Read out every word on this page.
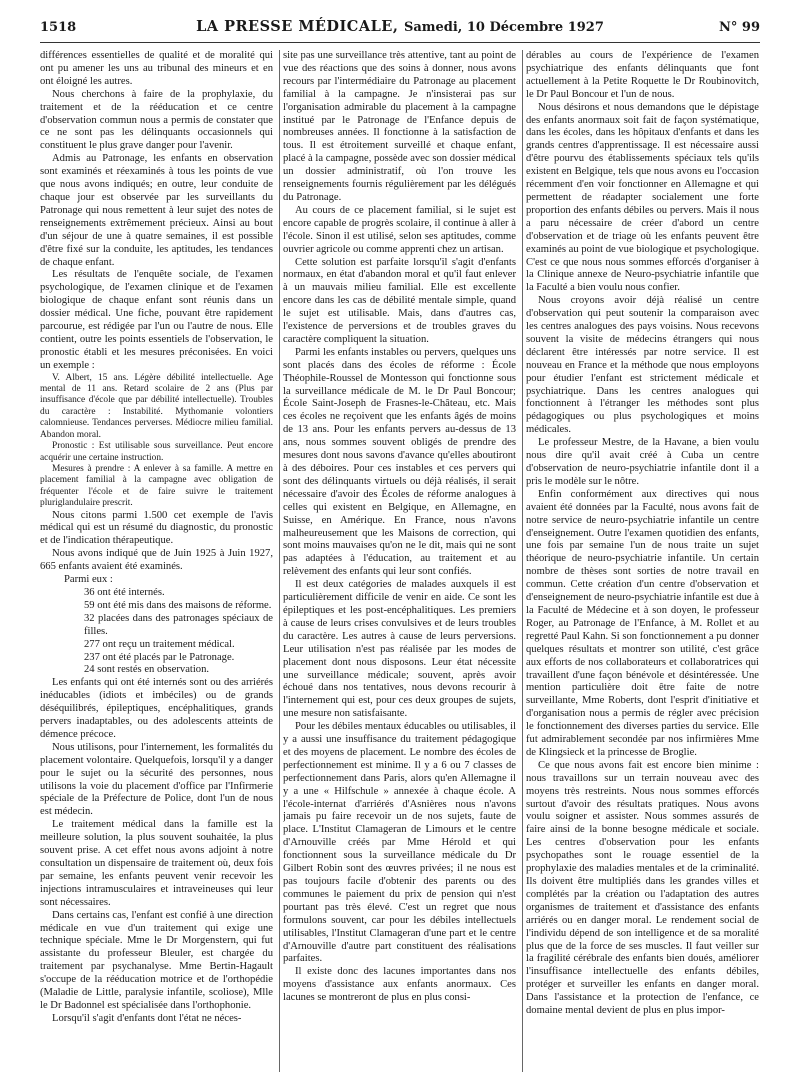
1518	LA PRESSE MÉDICALE, Samedi, 10 Décembre 1927	N° 99

différences essentielles de qualité et de moralité qui ont pu amener les uns au tribunal des mineurs et en ont éloigné les autres.

Nous cherchons à faire de la prophylaxie, du traitement et de la rééducation et ce centre d'observation commun nous a permis de constater que ce ne sont pas les délinquants occasionnels qui constituent le plus grave danger pour l'avenir.

Admis au Patronage, les enfants en observation sont examinés et réexaminés à tous les points de vue que nous avons indiqués; en outre, leur conduite de chaque jour est observée par les surveillants du Patronage qui nous remettent à leur sujet des notes de renseignements extrêmement précieux. Ainsi au bout d'un séjour de une à quatre semaines, il est possible d'être fixé sur la conduite, les aptitudes, les tendances de chaque enfant.

Les résultats de l'enquête sociale, de l'examen psychologique, de l'examen clinique et de l'examen biologique de chaque enfant sont réunis dans un dossier médical. Une fiche, pouvant être rapidement parcourue, est rédigée par l'un ou l'autre de nous. Elle contient, outre les points essentiels de l'observation, le pronostic établi et les mesures préconisées. En voici un exemple :

V. Albert, 15 ans. Légère débilité intellectuelle. Age mental de 11 ans. Retard scolaire de 2 ans (Plus par insuffisance d'école que par débilité intellectuelle). Troubles du caractère : Instabilité. Mythomanie volontiers calomnieuse. Tendances perverses. Médiocre milieu familial. Abandon moral.

Pronostic : Est utilisable sous surveillance. Peut encore acquérir une certaine instruction.

Mesures à prendre : A enlever à sa famille. A mettre en placement familial à la campagne avec obligation de fréquenter l'école et de faire suivre le traitement pluriglandulaire prescrit.

Nous citons parmi 1.500 cet exemple de l'avis médical qui est un résumé du diagnostic, du pronostic et de l'indication thérapeutique.

Nous avons indiqué que de Juin 1925 à Juin 1927, 665 enfants avaient été examinés.

Parmi eux :
36 ont été internés.
59 ont été mis dans des maisons de réforme.
32 placées dans des patronages spéciaux de filles.
277 ont reçu un traitement médical.
237 ont été placés par le Patronage.
24 sont restés en observation.

Les enfants qui ont été internés sont ou des arriérés inéducables (idiots et imbéciles) ou de grands déséquilibrés, épileptiques, encéphalitiques, grands pervers inadaptables, ou des adolescents atteints de démence précoce.

Nous utilisons, pour l'internement, les formalités du placement volontaire. Quelquefois, lorsqu'il y a danger pour le sujet ou la sécurité des personnes, nous utilisons la voie du placement d'office par l'Infirmerie spéciale de la Préfecture de Police, dont l'un de nous est médecin.

Le traitement médical dans la famille est la meilleure solution, la plus souvent souhaitée, la plus souvent prise. A cet effet nous avons adjoint à notre consultation un dispensaire de traitement où, deux fois par semaine, les enfants peuvent venir recevoir les injections intramusculaires et intraveineuses qui leur sont nécessaires.

Dans certains cas, l'enfant est confié à une direction médicale en vue d'un traitement qui exige une technique spéciale. Mme le Dr Morgenstern, qui fut assistante du professeur Bleuler, est chargée du traitement par psychanalyse. Mme Bertin-Hagault s'occupe de la rééducation motrice et de l'orthopédie (Maladie de Little, paralysie infantile, scoliose), Mlle le Dr Badonnel est spécialisée dans l'orthophonie.

Lorsqu'il s'agit d'enfants dont l'état ne néces-

site pas une surveillance très attentive, tant au point de vue des réactions que des soins à donner, nous avons recours par l'intermédiaire du Patronage au placement familial à la campagne. Je n'insisterai pas sur l'organisation admirable du placement à la campagne institué par le Patronage de l'Enfance depuis de nombreuses années. Il fonctionne à la satisfaction de tous. Il est étroitement surveillé et chaque enfant, placé à la campagne, possède avec son dossier médical un dossier administratif, où l'on trouve les renseignements fournis régulièrement par les délégués du Patronage.

Au cours de ce placement familial, si le sujet est encore capable de progrès scolaire, il continue à aller à l'école. Sinon il est utilisé, selon ses aptitudes, comme ouvrier agricole ou comme apprenti chez un artisan.

Cette solution est parfaite lorsqu'il s'agit d'enfants normaux, en état d'abandon moral et qu'il faut enlever à un mauvais milieu familial. Elle est excellente encore dans les cas de débilité mentale simple, quand le sujet est utilisable. Mais, dans d'autres cas, l'existence de perversions et de troubles graves du caractère compliquent la situation.

Parmi les enfants instables ou pervers, quelques uns sont placés dans des écoles de réforme : École Théophile-Roussel de Montesson qui fonctionne sous la surveillance médicale de M. le Dr Paul Boncour; École Saint-Joseph de Frasnes-le-Château, etc. Mais ces écoles ne reçoivent que les enfants âgés de moins de 13 ans. Pour les enfants pervers au-dessus de 13 ans, nous sommes souvent obligés de prendre des mesures dont nous savons d'avance qu'elles aboutiront à des déboires. Pour ces instables et ces pervers qui sont des délinquants virtuels ou déjà réalisés, il serait nécessaire d'avoir des Écoles de réforme analogues à celles qui existent en Belgique, en Allemagne, en Suisse, en Amérique. En France, nous n'avons malheureusement que les Maisons de correction, qui sont moins mauvaises qu'on ne le dit, mais qui ne sont pas adaptées à l'éducation, au traitement et au relèvement des enfants qui leur sont confiés.

Il est deux catégories de malades auxquels il est particulièrement difficile de venir en aide. Ce sont les épileptiques et les post-encéphalitiques. Les premiers à cause de leurs crises convulsives et de leurs troubles du caractère. Les autres à cause de leurs perversions. Leur utilisation n'est pas réalisée par les modes de placement dont nous disposons. Leur état nécessite une surveillance médicale; souvent, après avoir échoué dans nos tentatives, nous devons recourir à l'internement qui est, pour ces deux groupes de sujets, une mesure non satisfaisante.

Pour les débiles mentaux éducables ou utilisables, il y a aussi une insuffisance du traitement pédagogique et des moyens de placement. Le nombre des écoles de perfectionnement est minime. Il y a 6 ou 7 classes de perfectionnement dans Paris, alors qu'en Allemagne il y a une « Hilfschule » annexée à chaque école. A l'école-internat d'arriérés d'Asnières nous n'avons jamais pu faire recevoir un de nos sujets, faute de place. L'Institut Clamageran de Limours et le centre d'Arnouville créés par Mme Hérold et qui fonctionnent sous la surveillance médicale du Dr Gilbert Robin sont des œuvres privées; il ne nous est pas toujours facile d'obtenir des parents ou des communes le paiement du prix de pension qui n'est pourtant pas très élevé. C'est un regret que nous formulons souvent, car pour les débiles intellectuels utilisables, l'Institut Clamageran d'une part et le centre d'Arnouville d'autre part constituent des réalisations parfaites.

Il existe donc des lacunes importantes dans nos moyens d'assistance aux enfants anormaux. Ces lacunes se montreront de plus en plus consi-

dérables au cours de l'expérience de l'examen psychiatrique des enfants délinquants que font actuellement à la Petite Roquette le Dr Roubinovitch, le Dr Paul Boncour et l'un de nous.

Nous désirons et nous demandons que le dépistage des enfants anormaux soit fait de façon systématique, dans les écoles, dans les hôpitaux d'enfants et dans les grands centres d'apprentissage. Il est nécessaire aussi d'être pourvu des établissements spéciaux tels qu'ils existent en Belgique, tels que nous avons eu l'occasion récemment d'en voir fonctionner en Allemagne et qui permettent de réadapter socialement une forte proportion des enfants débiles ou pervers. Mais il nous a paru nécessaire de créer d'abord un centre d'observation et de triage où les enfants peuvent être examinés au point de vue biologique et psychologique. C'est ce que nous nous sommes efforcés d'organiser à la Clinique annexe de Neuro-psychiatrie infantile que la Faculté a bien voulu nous confier.

Nous croyons avoir déjà réalisé un centre d'observation qui peut soutenir la comparaison avec les centres analogues des pays voisins. Nous recevons souvent la visite de médecins étrangers qui nous déclarent être intéressés par notre service. Il est nouveau en France et la méthode que nous employons pour étudier l'enfant est strictement médicale et psychiatrique. Dans les centres analogues qui fonctionnent à l'étranger les méthodes sont plus pédagogiques ou plus psychologiques et moins médicales.

Le professeur Mestre, de la Havane, a bien voulu nous dire qu'il avait créé à Cuba un centre d'observation de neuro-psychiatrie infantile dont il a pris le modèle sur le nôtre.

Enfin conformément aux directives qui nous avaient été données par la Faculté, nous avons fait de notre service de neuro-psychiatrie infantile un centre d'enseignement. Outre l'examen quotidien des enfants, une fois par semaine l'un de nous traite un sujet théorique de neuro-psychiatrie infantile. Un certain nombre de thèses sont sorties de notre travail en commun. Cette création d'un centre d'observation et d'enseignement de neuro-psychiatrie infantile est due à la Faculté de Médecine et à son doyen, le professeur Roger, au Patronage de l'Enfance, à M. Rollet et au regretté Paul Kahn. Si son fonctionnement a pu donner quelques résultats et montrer son utilité, c'est grâce aux efforts de nos collaborateurs et collaboratrices qui travaillent d'une façon bénévole et désintéressée. Une mention particulière doit être faite de notre surveillante, Mme Roberts, dont l'esprit d'initiative et d'organisation nous a permis de régler avec précision le fonctionnement des diverses parties du service. Elle fut admirablement secondée par nos infirmières Mme de Klingsieck et la princesse de Broglie.

Ce que nous avons fait est encore bien minime : nous travaillons sur un terrain nouveau avec des moyens très restreints. Nous nous sommes efforcés surtout d'avoir des résultats pratiques. Nous avons voulu soigner et assister. Nous sommes assurés de faire ainsi de la bonne besogne médicale et sociale. Les centres d'observation pour les enfants psychopathes sont le rouage essentiel de la prophylaxie des maladies mentales et de la criminalité. Ils doivent être multipliés dans les grandes villes et complétés par la création ou l'adaptation des autres organismes de traitement et d'assistance des enfants arriérés ou en danger moral. Le rendement social de l'individu dépend de son intelligence et de sa moralité plus que de la force de ses muscles. Il faut veiller sur la fragilité cérébrale des enfants bien doués, améliorer l'insuffisance intellectuelle des enfants débiles, protéger et surveiller les enfants en danger moral. Dans l'assistance et la protection de l'enfance, ce domaine mental devient de plus en plus impor-
